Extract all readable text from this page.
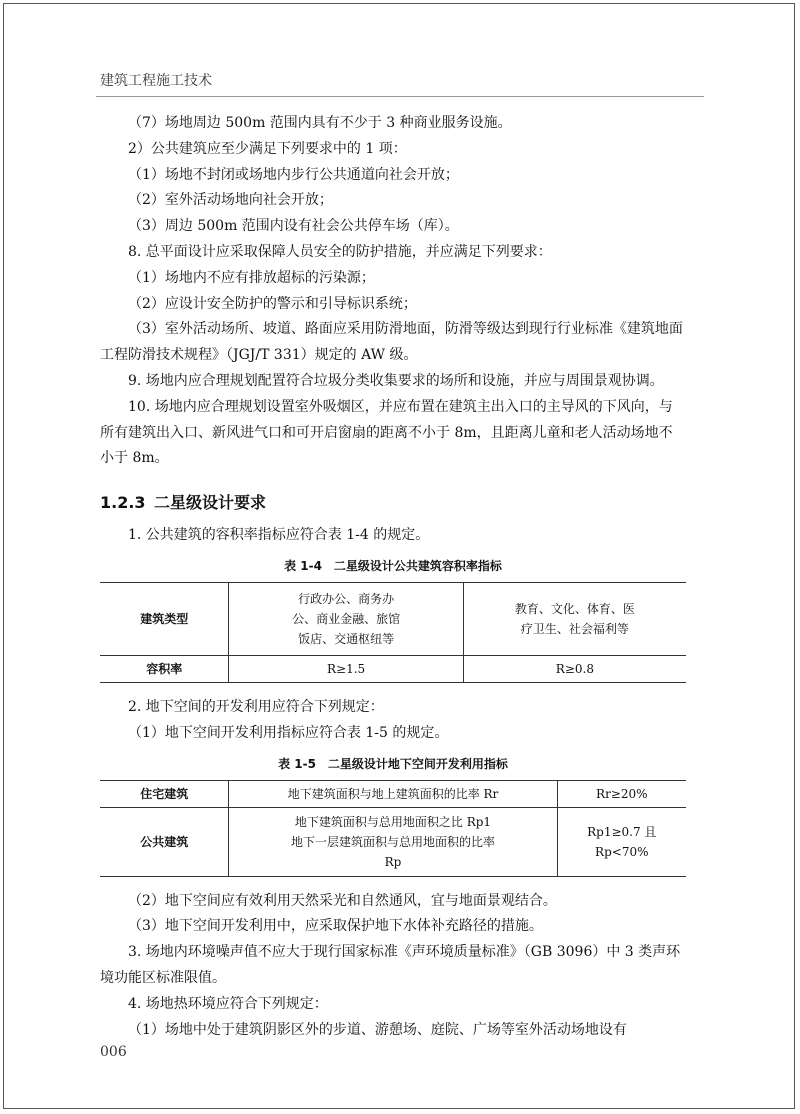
建筑工程施工技术

（7）场地周边 500m 范围内具有不少于 3 种商业服务设施。

2）公共建筑应至少满足下列要求中的 1 项：

（1）场地不封闭或场地内步行公共通道向社会开放；

（2）室外活动场地向社会开放；

（3）周边 500m 范围内设有社会公共停车场（库）。

8. 总平面设计应采取保障人员安全的防护措施，并应满足下列要求：

（1）场地内不应有排放超标的污染源；

（2）应设计安全防护的警示和引导标识系统；

（3）室外活动场所、坡道、路面应采用防滑地面，防滑等级达到现行行业标准《建筑地面工程防滑技术规程》（JGJ/T 331）规定的 AW 级。

9. 场地内应合理规划配置符合垃圾分类收集要求的场所和设施，并应与周围景观协调。

10. 场地内应合理规划设置室外吸烟区，并应布置在建筑主出入口的主导风的下风向，与所有建筑出入口、新风进气口和可开启窗扇的距离不小于 8m，且距离儿童和老人活动场地不小于 8m。

1.2.3 二星级设计要求

1. 公共建筑的容积率指标应符合表 1-4 的规定。

表 1-4　二星级设计公共建筑容积率指标
建筑类型	行政办公、商务办公、商业金融、旅馆饭店、交通枢纽等	教育、文化、体育、医疗卫生、社会福利等
容积率	R≥1.5	R≥0.8

2. 地下空间的开发利用应符合下列规定：

（1）地下空间开发利用指标应符合表 1-5 的规定。

表 1-5　二星级设计地下空间开发利用指标
住宅建筑	地下建筑面积与地上建筑面积的比率 Rr	Rr≥20%
公共建筑	地下建筑面积与总用地面积之比 Rp1 地下一层建筑面积与总用地面积的比率 Rp	Rp1≥0.7 且 Rp<70%

（2）地下空间应有效利用天然采光和自然通风，宜与地面景观结合。

（3）地下空间开发利用中，应采取保护地下水体补充路径的措施。

3. 场地内环境噪声值不应大于现行国家标准《声环境质量标准》（GB 3096）中 3 类声环境功能区标准限值。

4. 场地热环境应符合下列规定：

（1）场地中处于建筑阴影区外的步道、游憩场、庭院、广场等室外活动场地设有

006
